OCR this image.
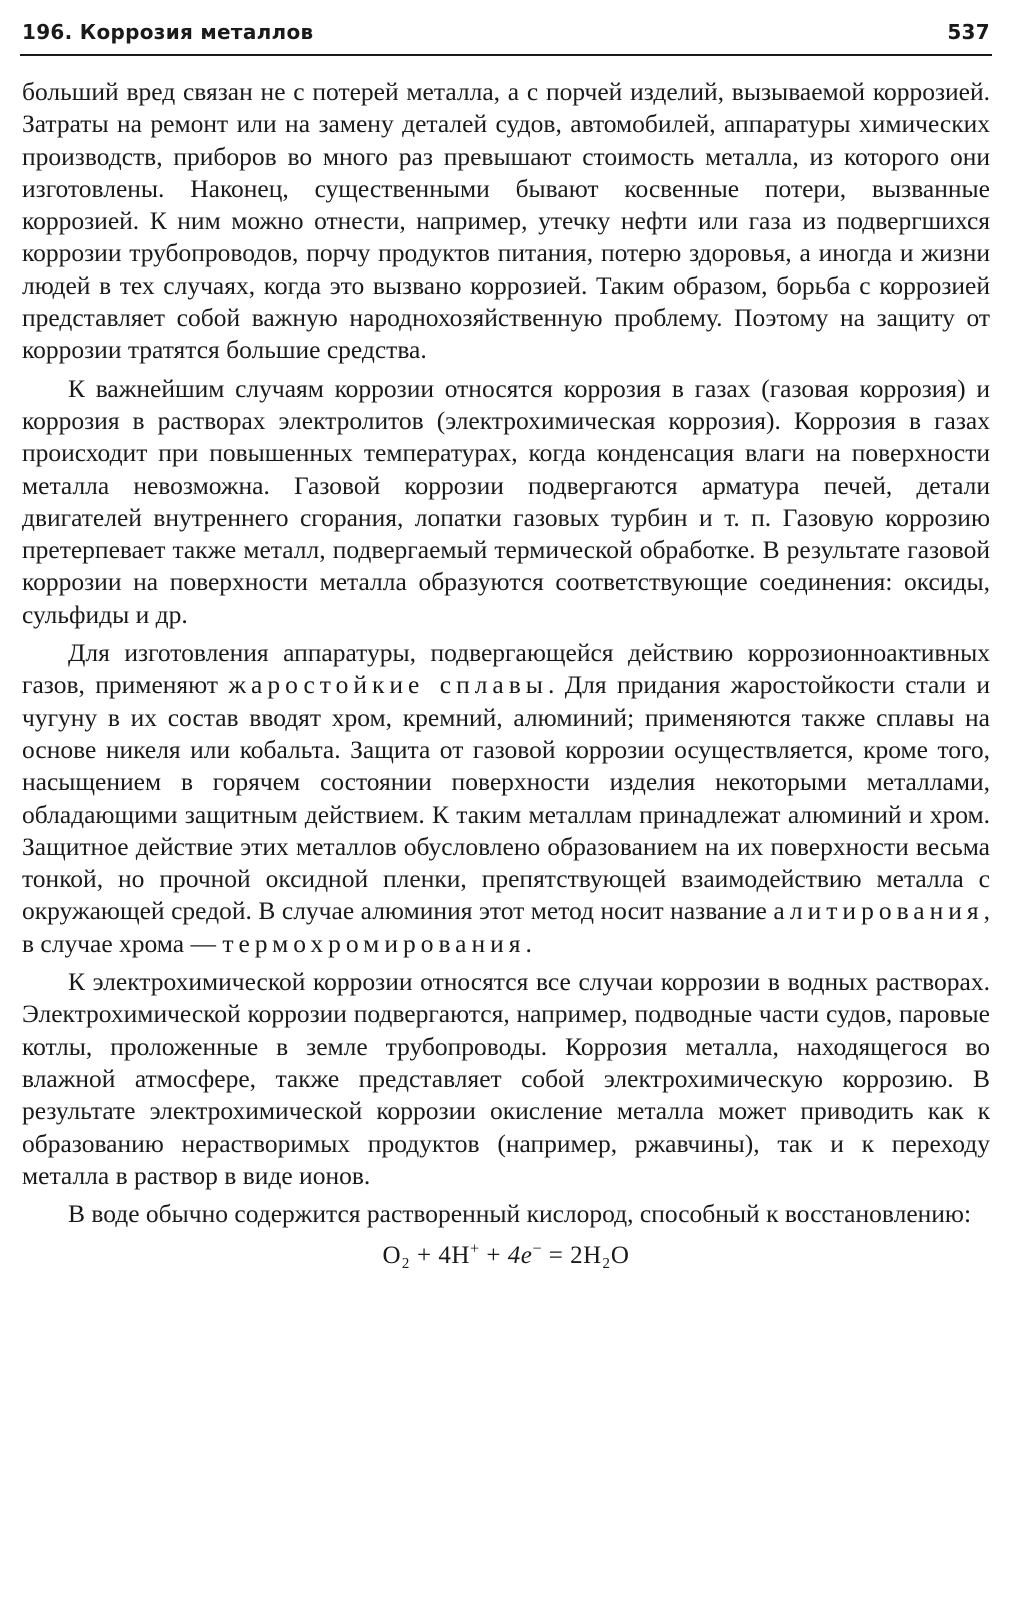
196. Коррозия металлов	537

больший вред связан не с потерей металла, а с порчей изделий, вызываемой коррозией. Затраты на ремонт или на замену деталей судов, автомобилей, аппаратуры химических производств, приборов во много раз превышают стоимость металла, из которого они изготовлены. Наконец, существенными бывают косвенные потери, вызванные коррозией. К ним можно отнести, например, утечку нефти или газа из подвергшихся коррозии трубопроводов, порчу продуктов питания, потерю здоровья, а иногда и жизни людей в тех случаях, когда это вызвано коррозией. Таким образом, борьба с коррозией представляет собой важную народнохозяйственную проблему. Поэтому на защиту от коррозии тратятся большие средства.

К важнейшим случаям коррозии относятся коррозия в газах (газовая коррозия) и коррозия в растворах электролитов (электрохимическая коррозия). Коррозия в газах происходит при повышенных температурах, когда конденсация влаги на поверхности металла невозможна. Газовой коррозии подвергаются арматура печей, детали двигателей внутреннего сгорания, лопатки газовых турбин и т. п. Газовую коррозию претерпевает также металл, подвергаемый термической обработке. В результате газовой коррозии на поверхности металла образуются соответствующие соединения: оксиды, сульфиды и др.

Для изготовления аппаратуры, подвергающейся действию коррозионноактивных газов, применяют жаростойкие сплавы. Для придания жаростойкости стали и чугуну в их состав вводят хром, кремний, алюминий; применяются также сплавы на основе никеля или кобальта. Защита от газовой коррозии осуществляется, кроме того, насыщением в горячем состоянии поверхности изделия некоторыми металлами, обладающими защитным действием. К таким металлам принадлежат алюминий и хром. Защитное действие этих металлов обусловлено образованием на их поверхности весьма тонкой, но прочной оксидной пленки, препятствующей взаимодействию металла с окружающей средой. В случае алюминия этот метод носит название алитирования, в случае хрома — термохромирования.

К электрохимической коррозии относятся все случаи коррозии в водных растворах. Электрохимической коррозии подвергаются, например, подводные части судов, паровые котлы, проложенные в земле трубопроводы. Коррозия металла, находящегося во влажной атмосфере, также представляет собой электрохимическую коррозию. В результате электрохимической коррозии окисление металла может приводить как к образованию нерастворимых продуктов (например, ржавчины), так и к переходу металла в раствор в виде ионов.

В воде обычно содержится растворенный кислород, способный к восстановлению:

O₂ + 4H+ + 4e− = 2H₂O
